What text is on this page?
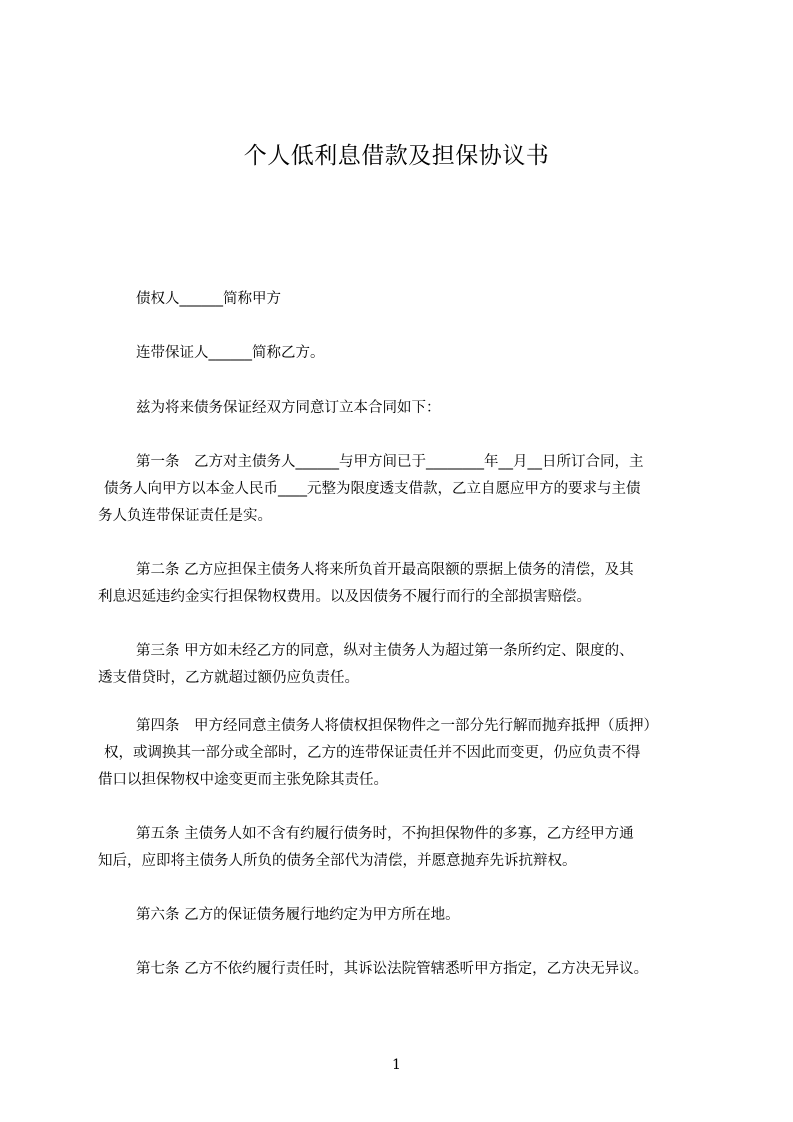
个人低利息借款及担保协议书
债权人______简称甲方
连带保证人______简称乙方。
兹为将来债务保证经双方同意订立本合同如下：
第一条　乙方对主债务人______与甲方间已于________年__月__日所订合同，主
债务人向甲方以本金人民币____元整为限度透支借款，乙立自愿应甲方的要求与主债
务人负连带保证责任是实。
第二条 乙方应担保主债务人将来所负首开最高限额的票据上债务的清偿，及其
利息迟延违约金实行担保物权费用。以及因债务不履行而行的全部损害赔偿。
第三条 甲方如未经乙方的同意，纵对主债务人为超过第一条所约定、限度的、
透支借贷时，乙方就超过额仍应负责任。
第四条　甲方经同意主债务人将债权担保物件之一部分先行解而抛弃抵押（质押）
权，或调换其一部分或全部时，乙方的连带保证责任并不因此而变更，仍应负责不得
借口以担保物权中途变更而主张免除其责任。
第五条 主债务人如不含有约履行债务时，不拘担保物件的多寡，乙方经甲方通
知后，应即将主债务人所负的债务全部代为清偿，并愿意抛弃先诉抗辩权。
第六条 乙方的保证债务履行地约定为甲方所在地。
第七条 乙方不依约履行责任时，其诉讼法院管辖悉听甲方指定，乙方决无异议。
1
